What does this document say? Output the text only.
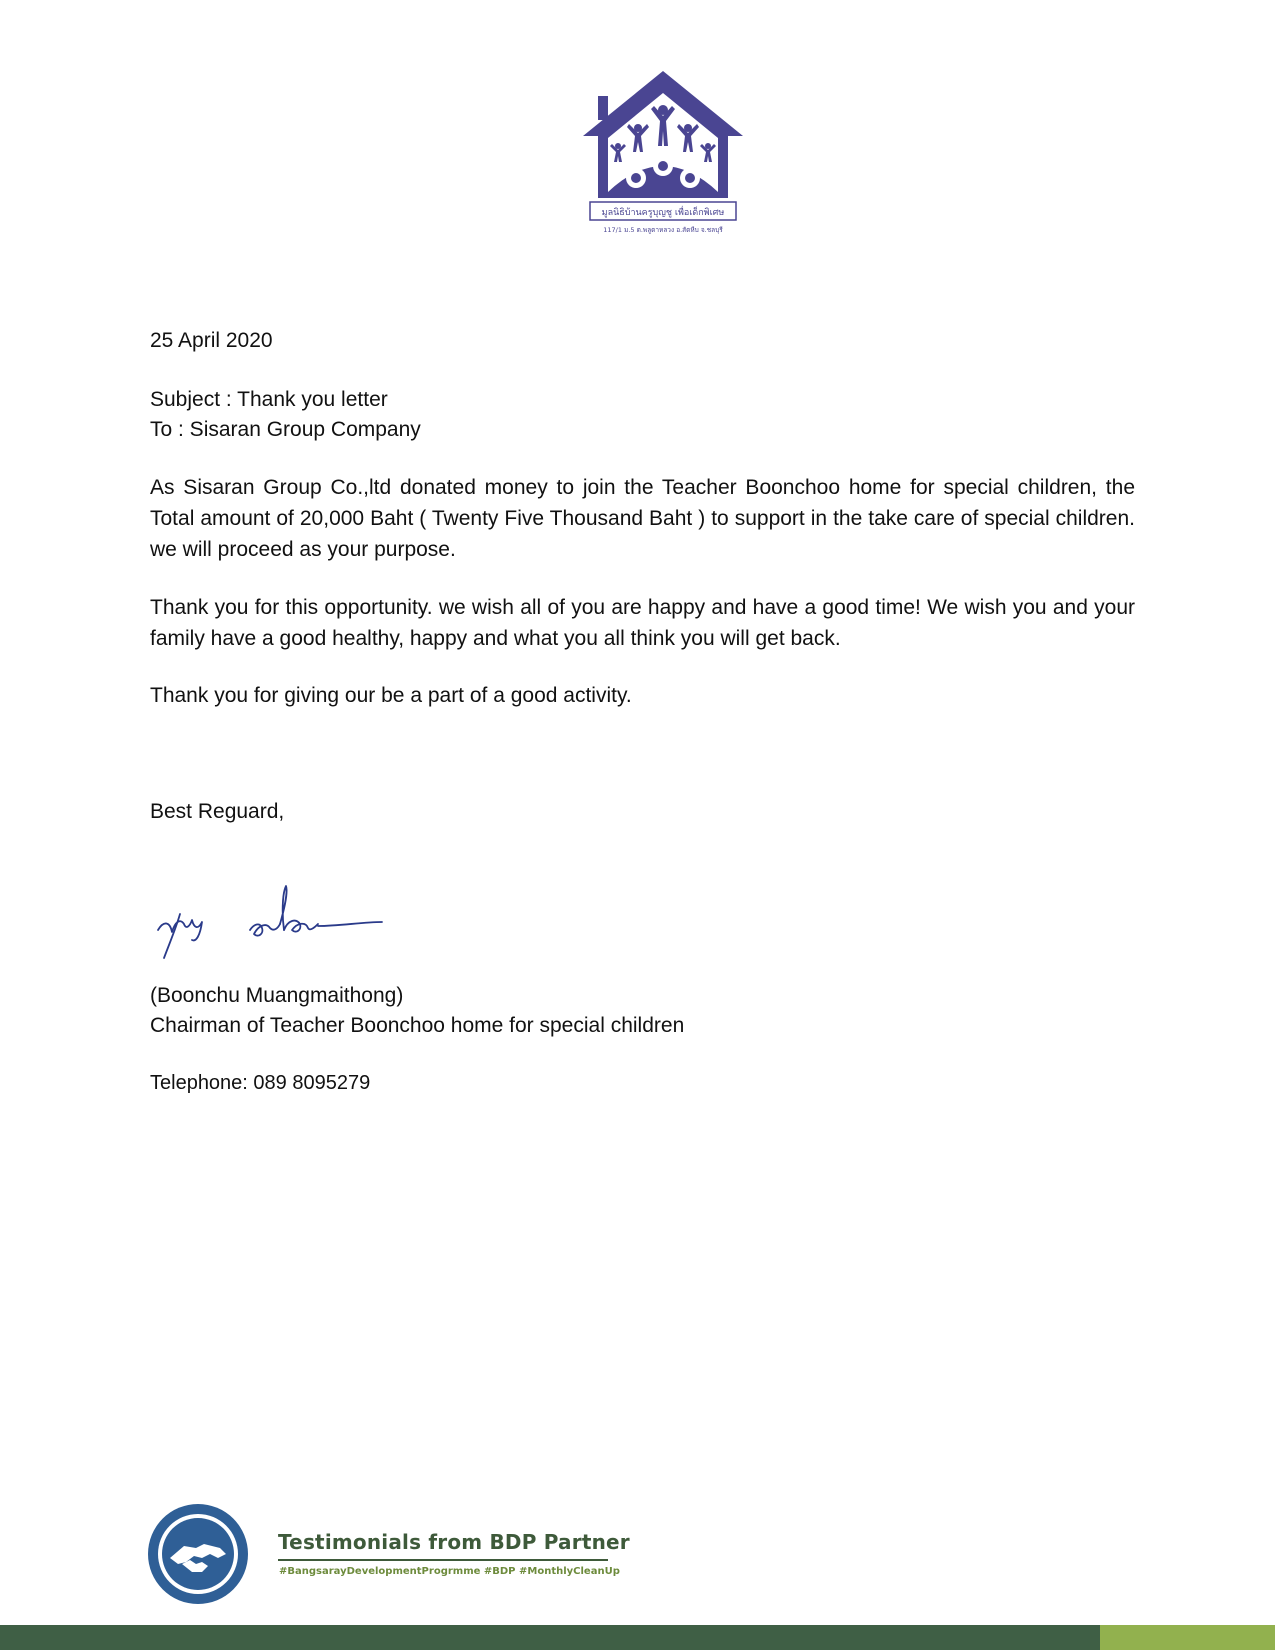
มูลนิธิบ้านครูบุญชู เพื่อเด็กพิเศษ
117/1 ม.5 ต.พลูตาหลวง อ.สัตหีบ จ.ชลบุรี
25 April 2020
Subject : Thank you letter
To : Sisaran Group Company
As Sisaran Group Co.,ltd donated money to join the Teacher Boonchoo home for special children, the Total amount of 20,000 Baht ( Twenty Five Thousand Baht ) to support in the take care of special children. we will proceed as your purpose.
Thank you for this opportunity. we wish all of you are happy and have a good time! We wish you and your family have a good healthy, happy and what you all think you will get back.
Thank you for giving our be a part of a good activity.
Best Reguard,
(Boonchu Muangmaithong)
Chairman of Teacher Boonchoo home for special children
Telephone: 089 8095279
BANG SARAY
Testimonials from BDP Partner
#BangsarayDevelopmentProgrmme #BDP #MonthlyCleanUp
